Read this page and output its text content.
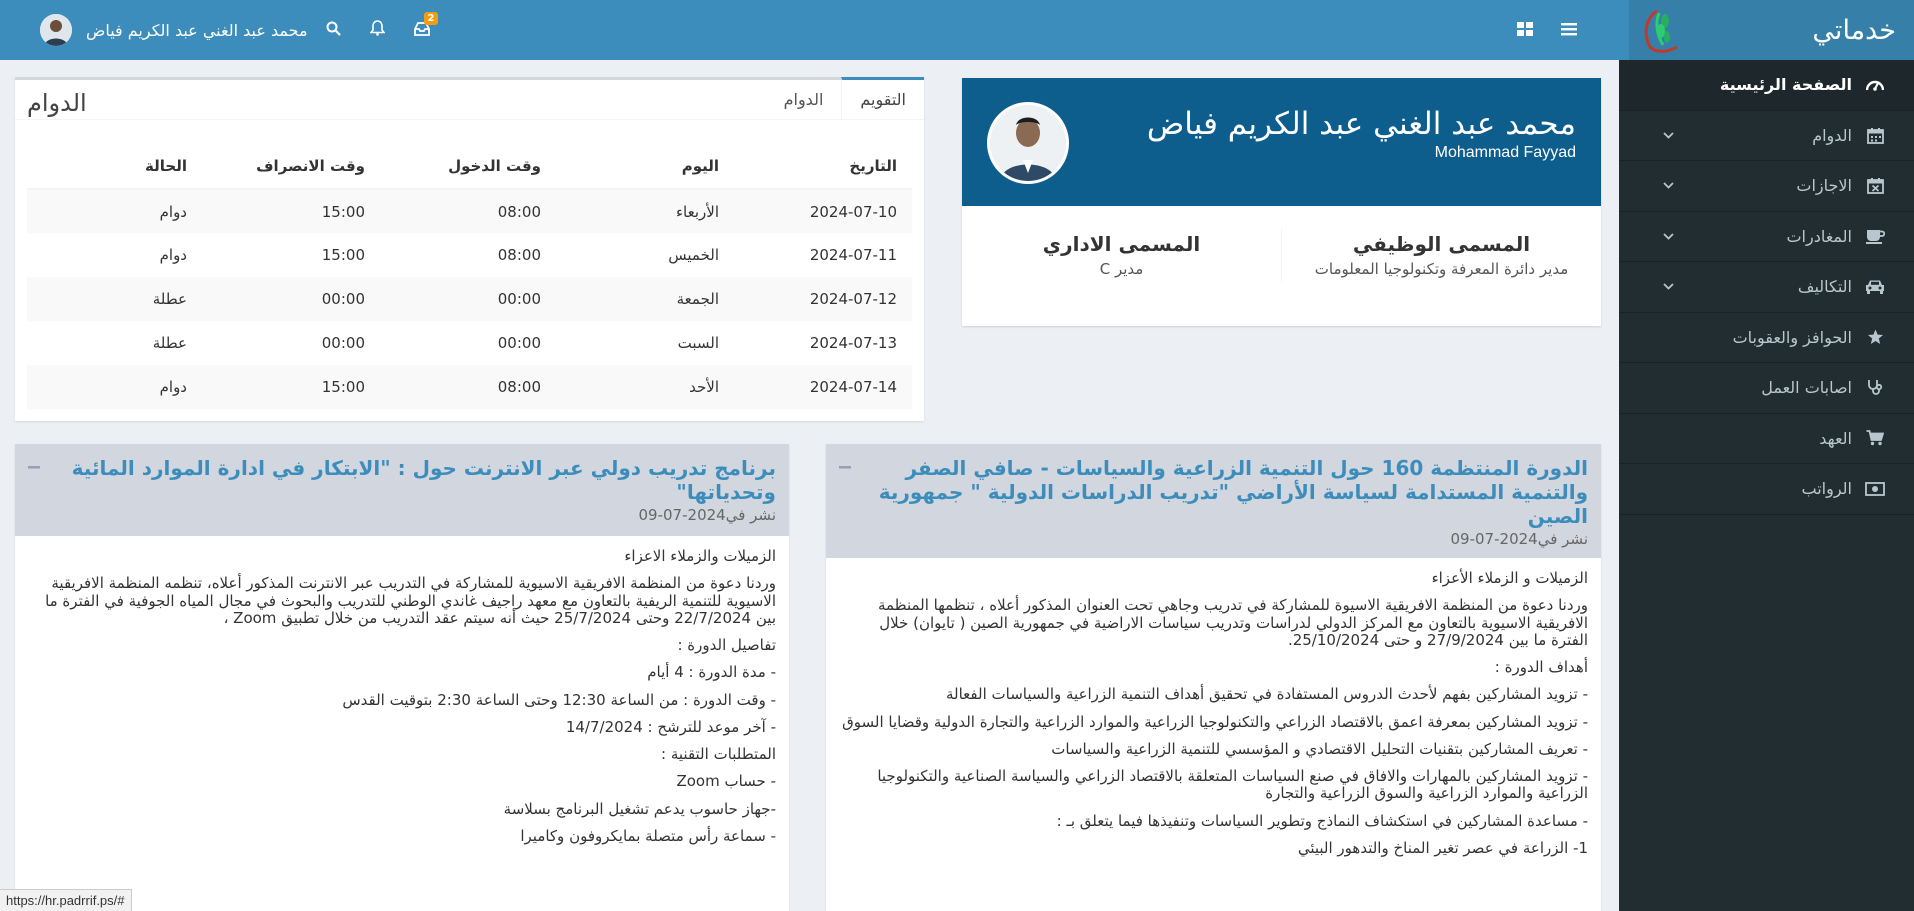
خدماتي
2
محمد عبد الغني عبد الكريم فياض
الصفحة الرئيسية
الدوام
الاجازات
المغادرات
التكاليف
الحوافز والعقوبات
اصابات العمل
العهد
الرواتب
محمد عبد الغني عبد الكريم فياض
Mohammad Fayyad
المسمى الوظيفي

مدير دائرة المعرفة وتكنولوجيا المعلومات

المسمى الاداري

مدير C

التقويم
الدوام
الدوام
التاريخ	اليوم	وقت الدخول	وقت الانصراف	الحالة
2024-07-10	الأربعاء	08:00	15:00	دوام
2024-07-11	الخميس	08:00	15:00	دوام
2024-07-12	الجمعة	00:00	00:00	عطلة
2024-07-13	السبت	00:00	00:00	عطلة
2024-07-14	الأحد	08:00	15:00	دوام
الدورة المنتظمة 160 حول التنمية الزراعية والسياسات - صافي الصفر والتنمية المستدامة لسياسة الأراضي "تدريب الدراسات الدولية " جمهورية الصين
نشر في2024-07-09

الزميلات و الزملاء الأعزاء

وردنا دعوة من المنظمة الافريقية الاسيوة للمشاركة في تدريب وجاهي تحت العنوان المذكور أعلاه ، تنظمها المنظمة الافريقية الاسيوية بالتعاون مع المركز الدولي لدراسات وتدريب سياسات الاراضية في جمهورية الصين ( تايوان) خلال الفترة ما بين 27/9/2024 و حتى 25/10/2024.

أهداف الدورة :

- تزويد المشاركين بفهم لأحدث الدروس المستفادة في تحقيق أهداف التنمية الزراعية والسياسات الفعالة

- تزويد المشاركين بمعرفة اعمق بالاقتصاد الزراعي والتكنولوجيا الزراعية والموارد الزراعية والتجارة الدولية وقضايا السوق

- تعريف المشاركين بتقنيات التحليل الاقتصادي و المؤسسي للتنمية الزراعية والسياسات

- تزويد المشاركين بالمهارات والافاق في صنع السياسات المتعلقة بالاقتصاد الزراعي والسياسة الصناعية والتكنولوجيا الزراعية والموارد الزراعية والسوق الزراعية والتجارة

- مساعدة المشاركين في استكشاف النماذج وتطوير السياسات وتنفيذها فيما يتعلق بـ :

1- الزراعة في عصر تغير المناخ والتدهور البيئي

برنامج تدريب دولي عبر الانترنت حول : "الابتكار في ادارة الموارد المائية وتحدياتها"
نشر في2024-07-09

الزميلات والزملاء الاعزاء

وردنا دعوة من المنظمة الافريقية الاسيوية للمشاركة في التدريب عبر الانترنت المذكور أعلاه، تنظمه المنظمة الافريقية الاسيوية للتنمية الريفية بالتعاون مع معهد راجيف غاندي الوطني للتدريب والبحوث في مجال المياه الجوفية في الفترة ما بين 22/7/2024 وحتى 25/7/2024 حيث أنه سيتم عقد التدريب من خلال تطبيق Zoom ،

تفاصيل الدورة :

- مدة الدورة : 4 أيام

- وقت الدورة : من الساعة 12:30 وحتى الساعة 2:30 بتوقيت القدس

- آخر موعد للترشح : 14/7/2024

المتطلبات التقنية :

- حساب Zoom

-جهاز حاسوب يدعم تشغيل البرنامج بسلاسة

- سماعة رأس متصلة بمايكروفون وكاميرا

https://hr.padrrif.ps/#
